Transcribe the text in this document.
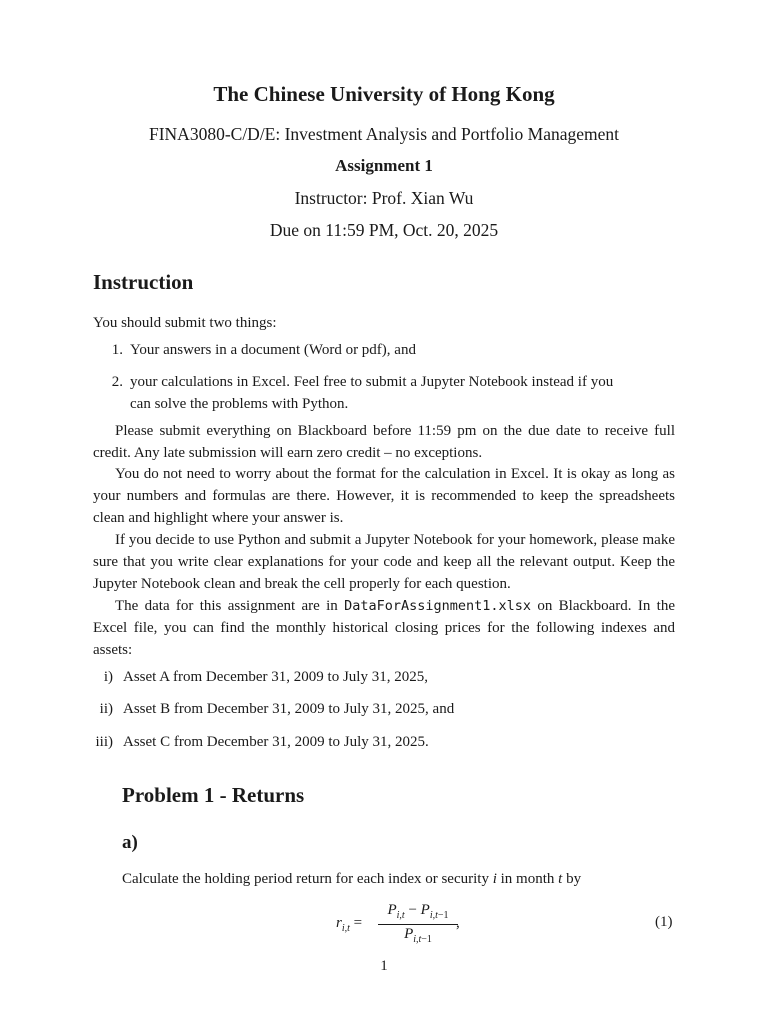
The Chinese University of Hong Kong
FINA3080-C/D/E: Investment Analysis and Portfolio Management
Assignment 1
Instructor: Prof. Xian Wu
Due on 11:59 PM, Oct. 20, 2025
Instruction
You should submit two things:
1. Your answers in a document (Word or pdf), and
2. your calculations in Excel. Feel free to submit a Jupyter Notebook instead if you
can solve the problems with Python.
Please submit everything on Blackboard before 11:59 pm on the due date to receive full credit. Any late submission will earn zero credit – no exceptions.
You do not need to worry about the format for the calculation in Excel. It is okay as long as your numbers and formulas are there. However, it is recommended to keep the spreadsheets clean and highlight where your answer is.
If you decide to use Python and submit a Jupyter Notebook for your homework, please make sure that you write clear explanations for your code and keep all the relevant output. Keep the Jupyter Notebook clean and break the cell properly for each question.
The data for this assignment are in DataForAssignment1.xlsx on Blackboard. In the Excel file, you can find the monthly historical closing prices for the following indexes and assets:
i) Asset A from December 31, 2009 to July 31, 2025,
ii) Asset B from December 31, 2009 to July 31, 2025, and
iii) Asset C from December 31, 2009 to July 31, 2025.
Problem 1 - Returns
a)
Calculate the holding period return for each index or security i in month t by
$r_{i,t}$ =
$P_{i,t} - P_{i,t-1}$
$P_{i,t-1}$
,	(1)
1
